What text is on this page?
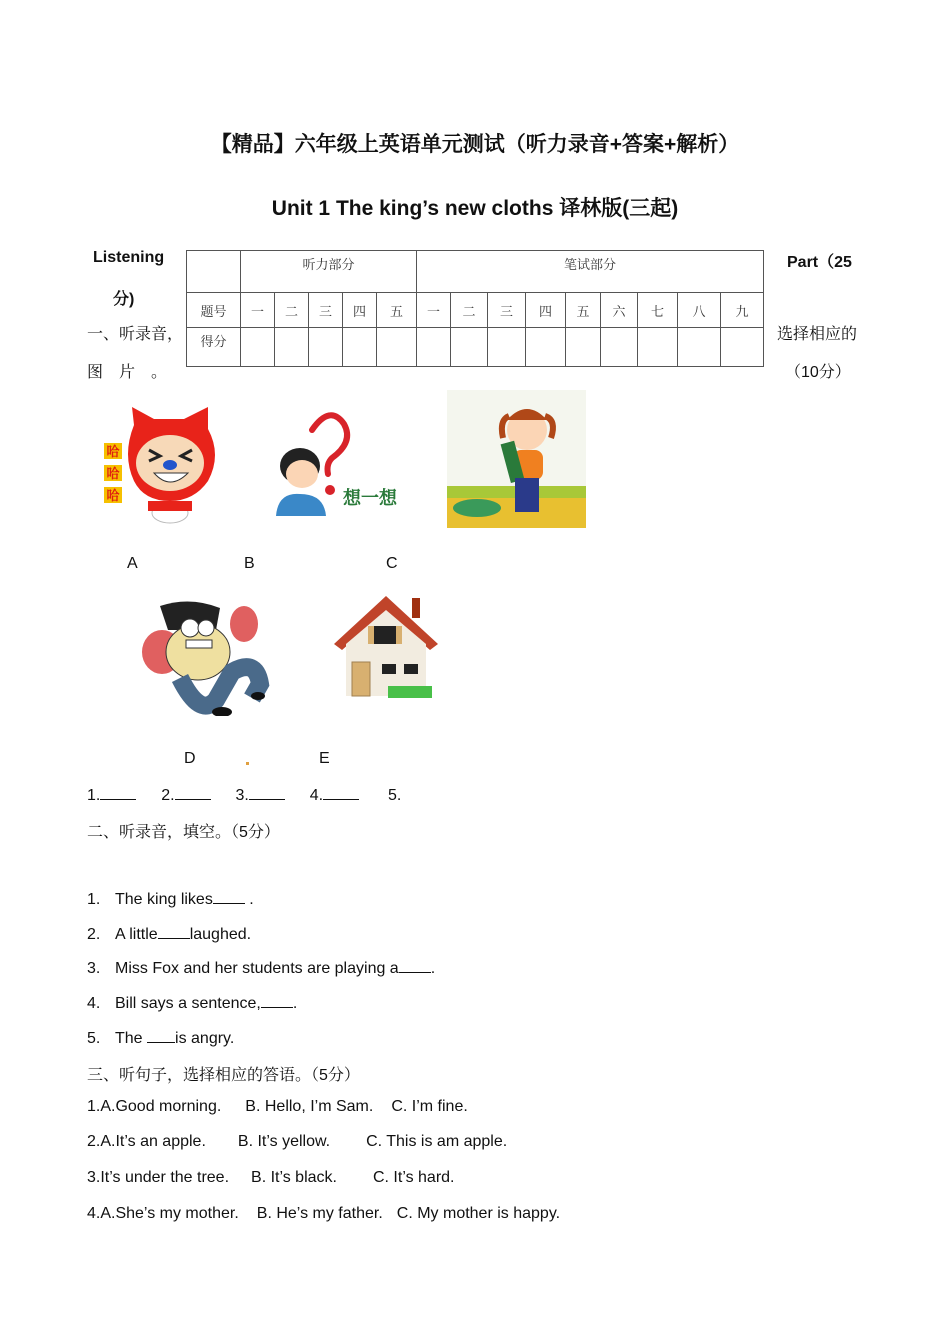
【精品】六年级上英语单元测试（听力录音+答案+解析）
Unit 1 The king’s new cloths 译林版(三起)
Listening
分)
Part（25
	听力部分					笔试部分								
题号	一	二	三	四	五	一	二	三	四	五	六	七	八	九
得分														
一、听录音，	选择相应的
图　片　。	（10分）
哈
哈
哈	想一想
A	B	C
D	E
1.	2.	3.	4.	5.
二、听录音，填空。（5分）
1. The king likes .
2. A little laughed.
3. Miss Fox and her students are playing a .
4. Bill says a sentence, .
5. The is angry.
三、听句子，选择相应的答语。（5分）
1.A.Good morning. B. Hello, I’m Sam. C. I’m fine.
2.A.It’s an apple. B. It’s yellow. C. This is am apple.
3.It’s under the tree. B. It’s black. C. It’s hard.
4.A.She’s my mother. B. He’s my father. C. My mother is happy.
